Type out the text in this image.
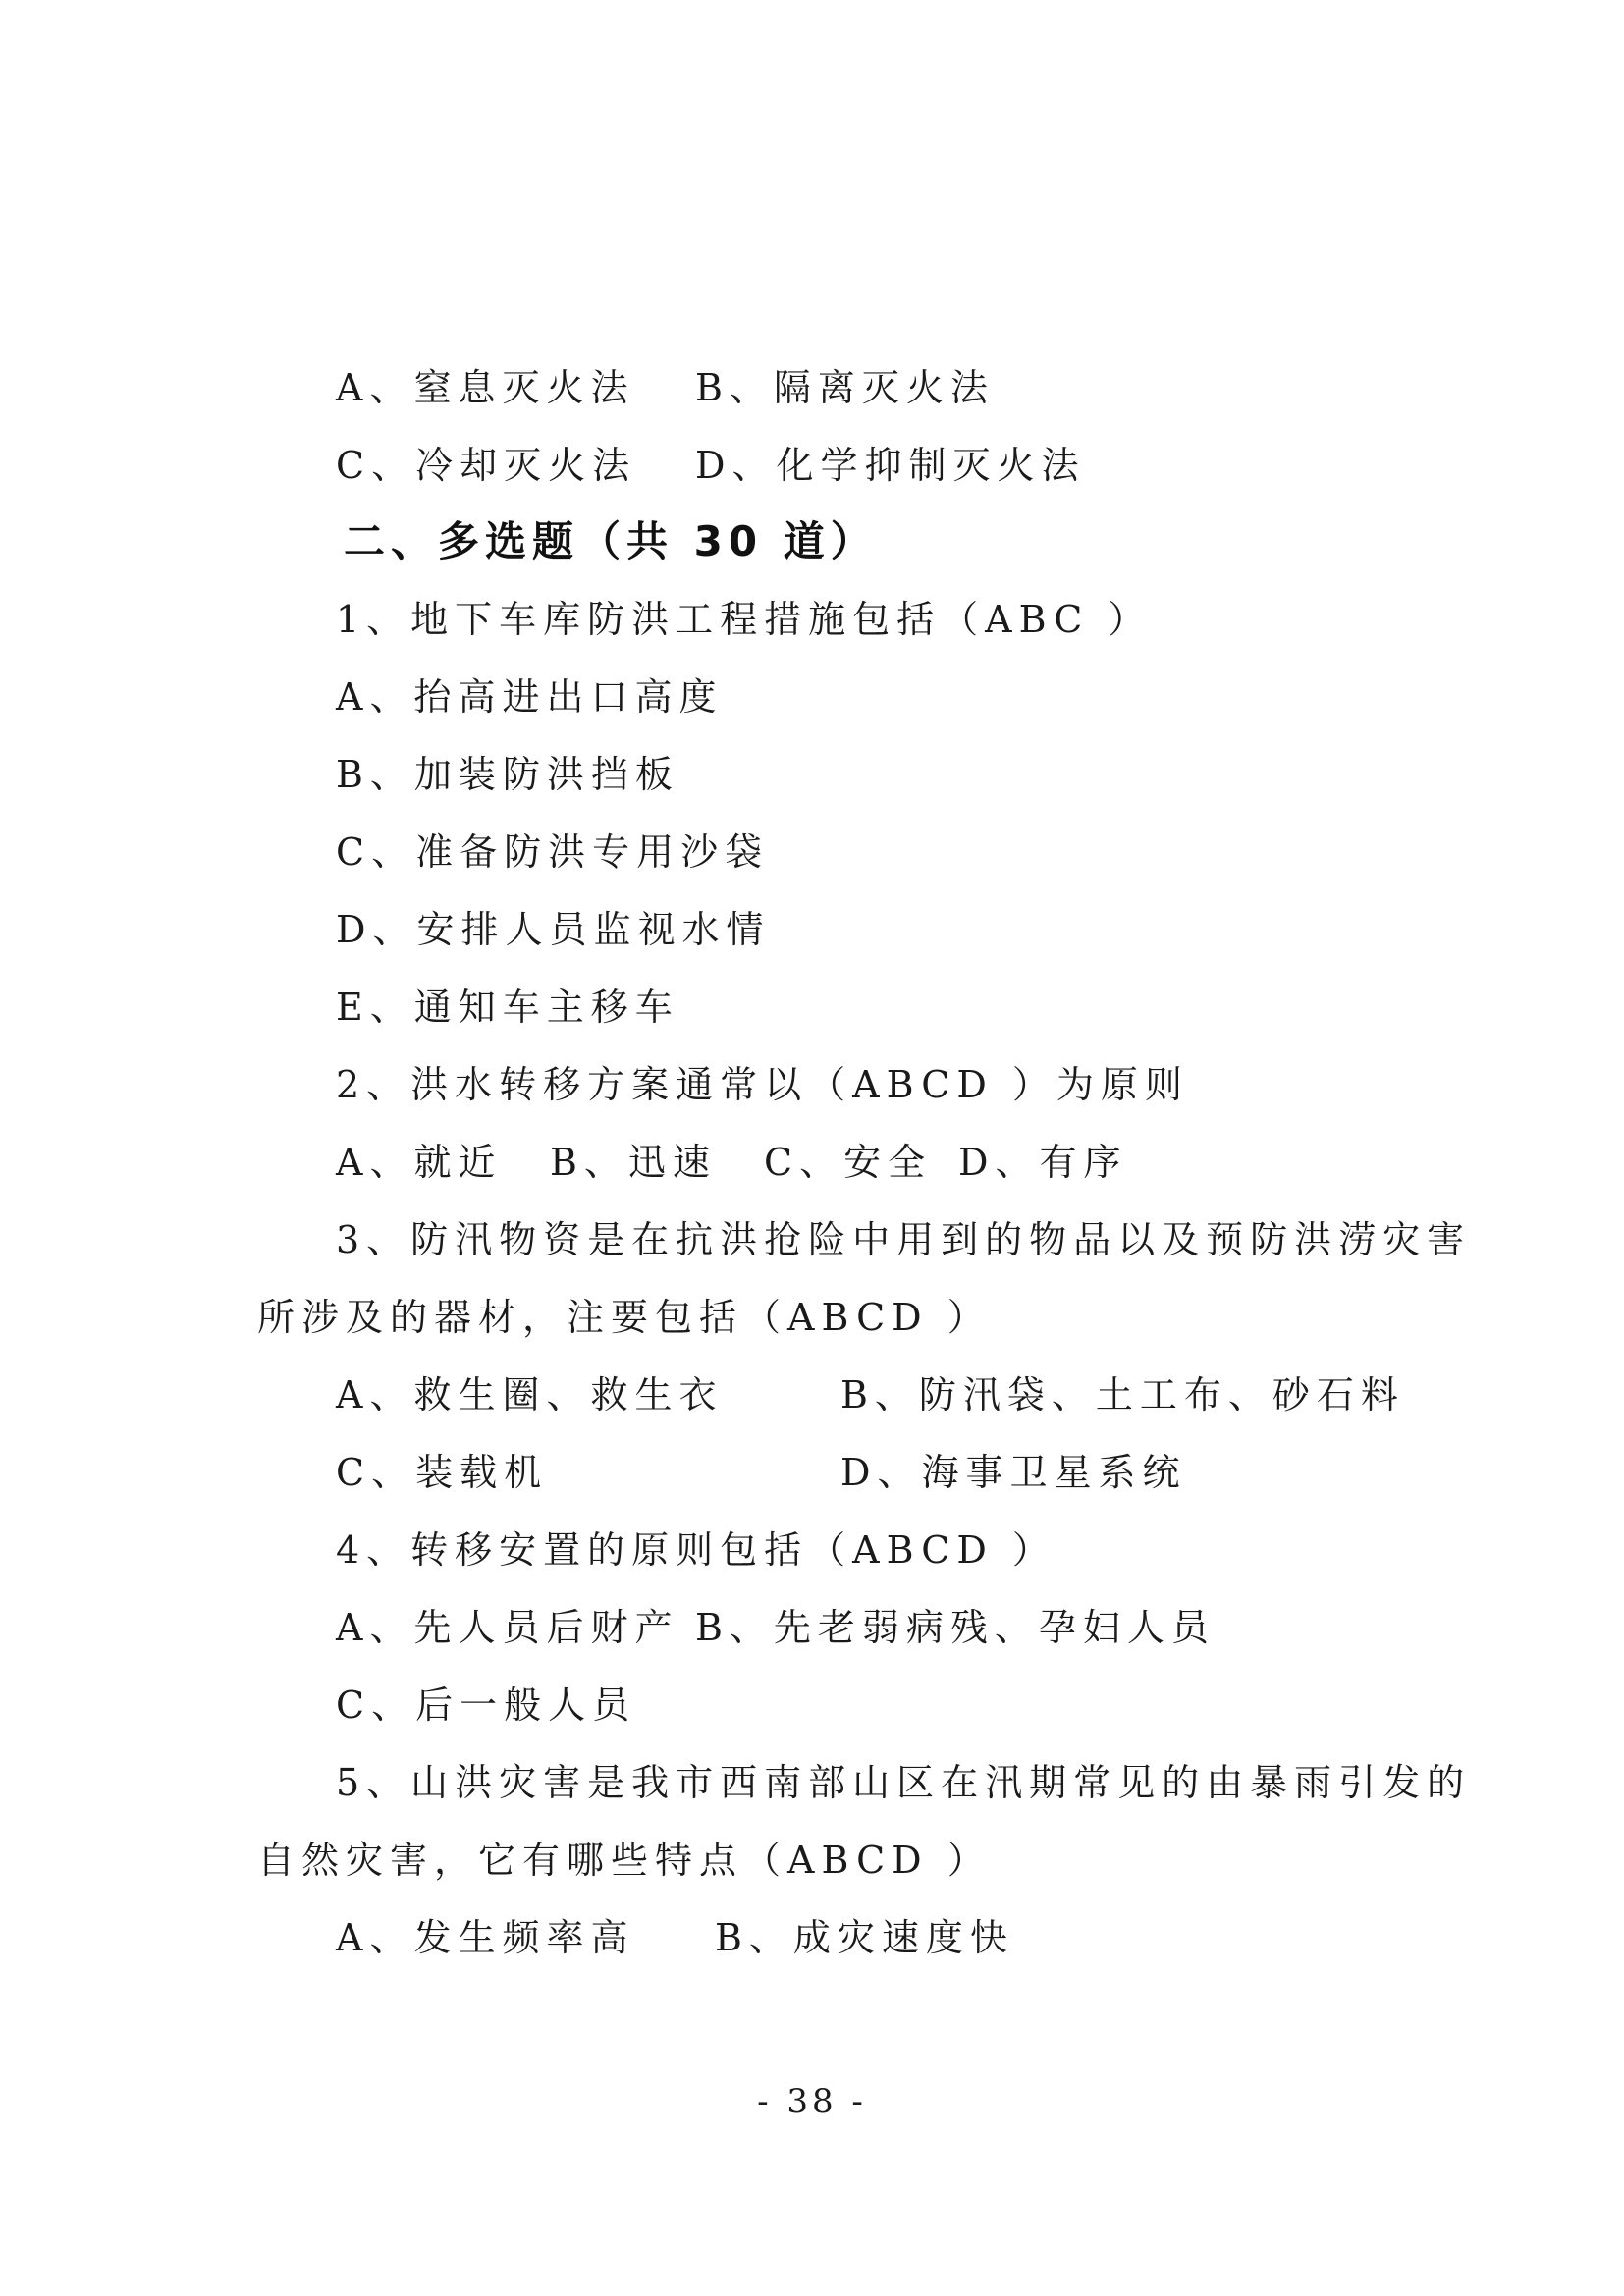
A、窒息灭火法 B、隔离灭火法
C、冷却灭火法 D、化学抑制灭火法
二、多选题（共 30 道）
1、地下车库防洪工程措施包括（ABC ）
A、抬高进出口高度
B、加装防洪挡板
C、准备防洪专用沙袋
D、安排人员监视水情
E、通知车主移车
2、洪水转移方案通常以（ABCD ）为原则
A、就近 B、迅速 C、安全 D、有序
3、防汛物资是在抗洪抢险中用到的物品以及预防洪涝灾害
所涉及的器材，注要包括（ABCD ）
A、救生圈、救生衣	B、防汛袋、土工布、砂石料
C、装载机	D、海事卫星系统
4、转移安置的原则包括（ABCD ）
A、先人员后财产 B、先老弱病残、孕妇人员
C、后一般人员
5、山洪灾害是我市西南部山区在汛期常见的由暴雨引发的
自然灾害，它有哪些特点（ABCD ）
A、发生频率高 B、成灾速度快
- 38 -
